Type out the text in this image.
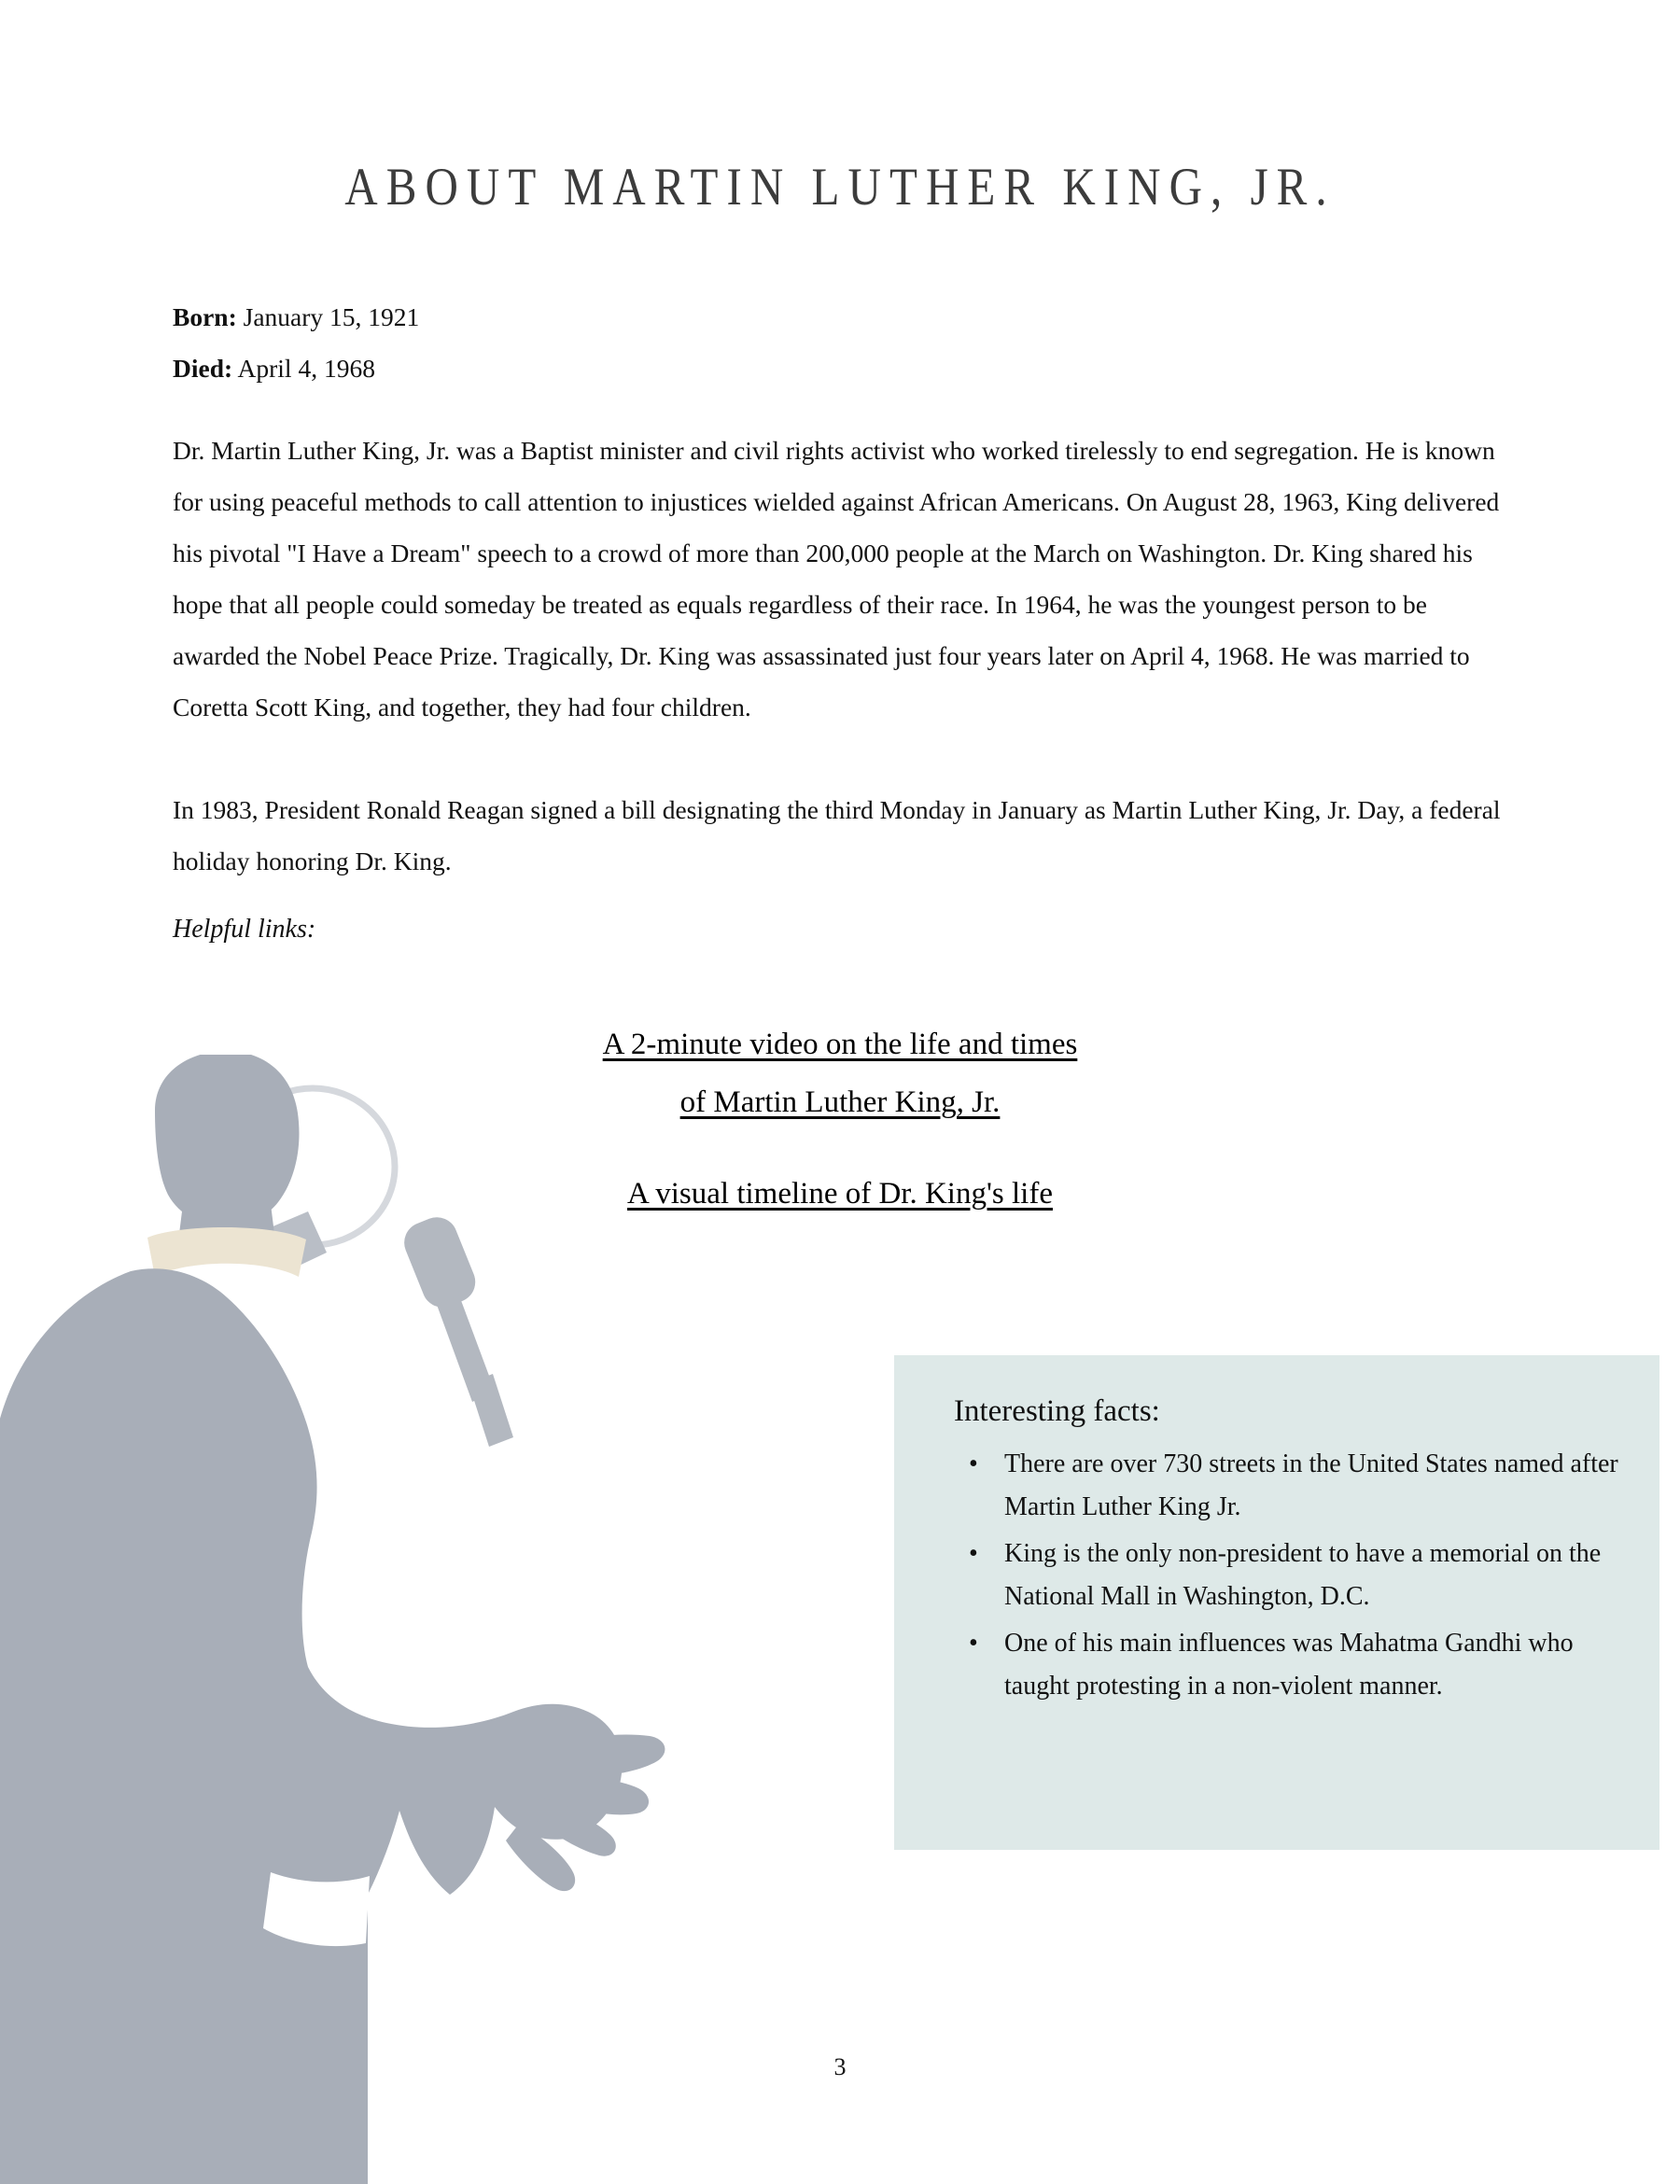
ABOUT MARTIN LUTHER KING, JR.
Born: January 15, 1921
Died: April 4, 1968
Dr. Martin Luther King, Jr. was a Baptist minister and civil rights activist who worked tirelessly to end segregation. He is known for using peaceful methods to call attention to injustices wielded against African Americans. On August 28, 1963, King delivered his pivotal "I Have a Dream" speech to a crowd of more than 200,000 people at the March on Washington. Dr. King shared his hope that all people could someday be treated as equals regardless of their race. In 1964, he was the youngest person to be awarded the Nobel Peace Prize. Tragically, Dr. King was assassinated just four years later on April 4, 1968. He was married to Coretta Scott King, and together, they had four children.
In 1983, President Ronald Reagan signed a bill designating the third Monday in January as Martin Luther King, Jr. Day, a federal holiday honoring Dr. King.
Helpful links:
A 2-minute video on the life and times
of Martin Luther King, Jr.
A visual timeline of Dr. King's life
Interesting facts:
• There are over 730 streets in the United States named after Martin Luther King Jr.
• King is the only non-president to have a memorial on the National Mall in Washington, D.C.
• One of his main influences was Mahatma Gandhi who taught protesting in a non-violent manner.
3
